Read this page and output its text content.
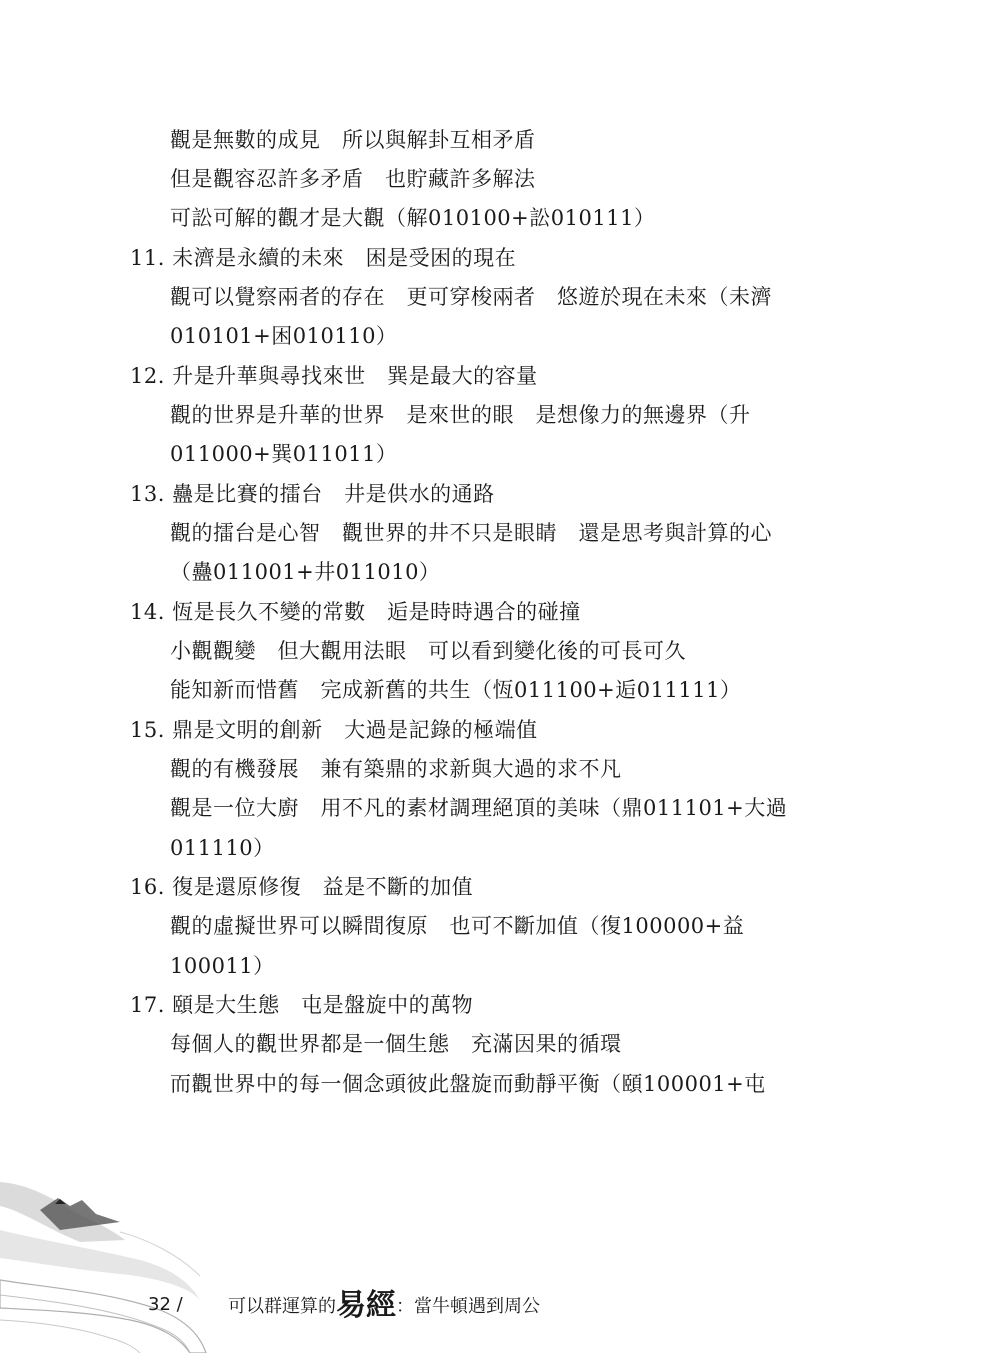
觀是無數的成見　所以與解卦互相矛盾
但是觀容忍許多矛盾　也貯藏許多解法
可訟可解的觀才是大觀（解010100+訟010111）
11. 未濟是永續的未來　困是受困的現在
觀可以覺察兩者的存在　更可穿梭兩者　悠遊於現在未來（未濟
010101+困010110）
12. 升是升華與尋找來世　巽是最大的容量
觀的世界是升華的世界　是來世的眼　是想像力的無邊界（升
011000+巽011011）
13. 蠱是比賽的擂台　井是供水的通路
觀的擂台是心智　觀世界的井不只是眼睛　還是思考與計算的心
（蠱011001+井011010）
14. 恆是長久不變的常數　逅是時時遇合的碰撞
小觀觀變　但大觀用法眼　可以看到變化後的可長可久
能知新而惜舊　完成新舊的共生（恆011100+逅011111）
15. 鼎是文明的創新　大過是記錄的極端值
觀的有機發展　兼有築鼎的求新與大過的求不凡
觀是一位大廚　用不凡的素材調理絕頂的美味（鼎011101+大過
011110）
16. 復是還原修復　益是不斷的加值
觀的虛擬世界可以瞬間復原　也可不斷加值（復100000+益
100011）
17. 頤是大生態　屯是盤旋中的萬物
每個人的觀世界都是一個生態　充滿因果的循環
而觀世界中的每一個念頭彼此盤旋而動靜平衡（頤100001+屯
32 /	可以群運算的易經：當牛頓遇到周公
